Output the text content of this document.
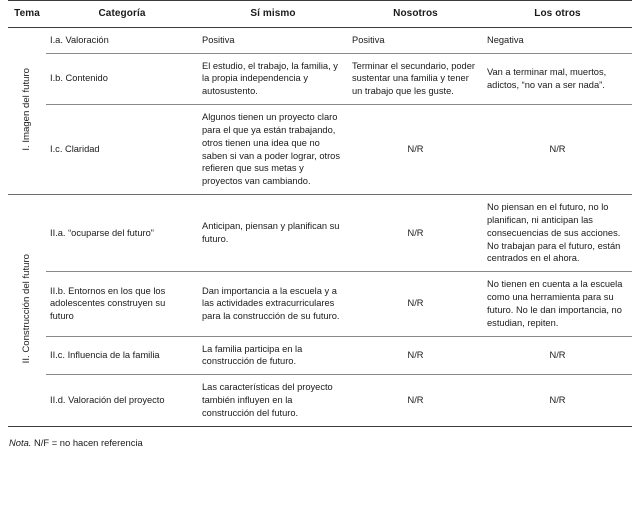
Tema	Categoría	Sí mismo	Nosotros	Los otros
I. Imagen del futuro	I.a. Valoración	Positiva	Positiva	Negativa
	I.b. Contenido	El estudio, el trabajo, la familia, y la propia independencia y autosustento.	Terminar el secundario, poder sustentar una familia y tener un trabajo que les guste.	Van a terminar mal, muertos, adictos, “no van a ser nada”.
	I.c. Claridad	Algunos tienen un proyecto claro para el que ya están trabajando, otros tienen una idea que no saben si van a poder lograr, otros refieren que sus metas y proyectos van cambiando.	N/R	N/R
II. Construcción del futuro	II.a. “ocuparse del futuro”	Anticipan, piensan y planifican su futuro.	N/R	No piensan en el futuro, no lo planifican, ni anticipan las consecuencias de sus acciones. No trabajan para el futuro, están centrados en el ahora.
	II.b. Entornos en los que los adolescentes construyen su futuro	Dan importancia a la escuela y a las actividades extracurriculares para la construcción de su futuro.	N/R	No tienen en cuenta a la escuela como una herramienta para su futuro. No le dan importancia, no estudian, repiten.
	II.c. Influencia de la familia	La familia participa en la construcción de futuro.	N/R	N/R
	II.d. Valoración del proyecto	Las características del proyecto también influyen en la construcción del futuro.	N/R	N/R
Nota. N/F = no hacen referencia
